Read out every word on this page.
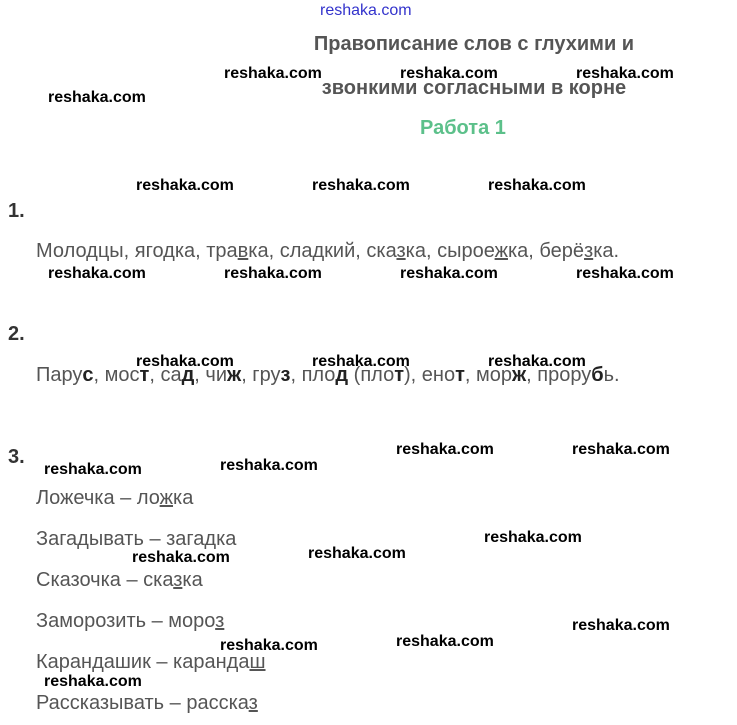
reshaka.com
Правописание слов с глухими и
звонкими согласными в корне
Работа 1
1.
Молодцы, ягодка, травка, сладкий, сказка, сыроежка, берёзка.
2.
Парус, мост, сад, чиж, груз, плод (плот), енот, морж, прорубь.
3.
Ложечка – ложка
Загадывать – загадка
Сказочка – сказка
Заморозить – мороз
Карандашик – карандаш
Рассказывать – рассказ
reshaka.com
reshaka.com	reshaka.com	reshaka.com
reshaka.com	reshaka.com	reshaka.com
reshaka.com	reshaka.com	reshaka.com	reshaka.com
reshaka.com	reshaka.com	reshaka.com
reshaka.com	reshaka.com
reshaka.com
reshaka.com
reshaka.com
reshaka.com
reshaka.com
reshaka.com
reshaka.com
reshaka.com
reshaka.com
